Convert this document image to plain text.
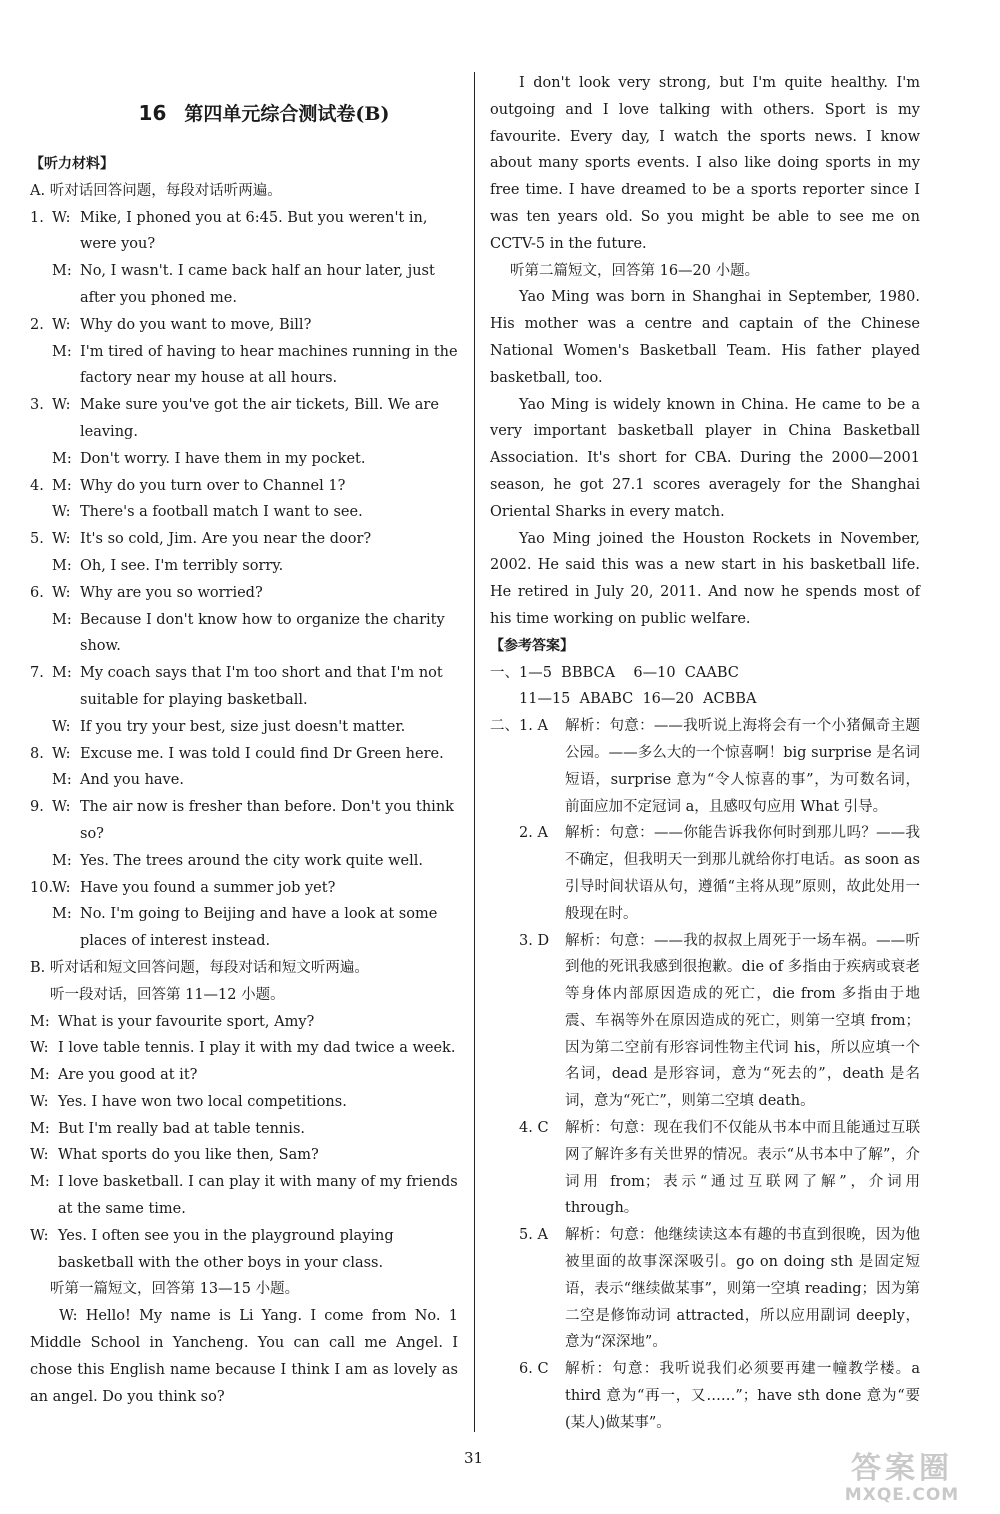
16 第四单元综合测试卷(B)
【听力材料】
A. 听对话回答问题，每段对话听两遍。
1. W: Mike, I phoned you at 6:45. But you weren't in, were you?
M: No, I wasn't. I came back half an hour later, just after you phoned me.
2. W: Why do you want to move, Bill?
M: I'm tired of having to hear machines running in the factory near my house at all hours.
3. W: Make sure you've got the air tickets, Bill. We are leaving.
M: Don't worry. I have them in my pocket.
4. M: Why do you turn over to Channel 1?
W: There's a football match I want to see.
5. W: It's so cold, Jim. Are you near the door?
M: Oh, I see. I'm terribly sorry.
6. W: Why are you so worried?
M: Because I don't know how to organize the charity show.
7. M: My coach says that I'm too short and that I'm not suitable for playing basketball.
W: If you try your best, size just doesn't matter.
8. W: Excuse me. I was told I could find Dr Green here.
M: And you have.
9. W: The air now is fresher than before. Don't you think so?
M: Yes. The trees around the city work quite well.
10.
W: Have you found a summer job yet?
M: No. I'm going to Beijing and have a look at some places of interest instead.
B. 听对话和短文回答问题，每段对话和短文听两遍。
听一段对话，回答第 11—12 小题。
M: What is your favourite sport, Amy?
W: I love table tennis. I play it with my dad twice a week.
M: Are you good at it?
W: Yes. I have won two local competitions.
M: But I'm really bad at table tennis.
W: What sports do you like then, Sam?
M: I love basketball. I can play it with many of my friends at the same time.
W: Yes. I often see you in the playground playing basketball with the other boys in your class.
听第一篇短文，回答第 13—15 小题。
W: Hello! My name is Li Yang. I come from No. 1 Middle School in Yancheng. You can call me Angel. I chose this English name because I think I am as lovely as an angel. Do you think so?
I don't look very strong, but I'm quite healthy. I'm outgoing and I love talking with others. Sport is my favourite. Every day, I watch the sports news. I know about many sports events. I also like doing sports in my free time. I have dreamed to be a sports reporter since I was ten years old. So you might be able to see me on CCTV-5 in the future.
听第二篇短文，回答第 16—20 小题。
Yao Ming was born in Shanghai in September, 1980. His mother was a centre and captain of the Chinese National Women's Basketball Team. His father played basketball, too.
Yao Ming is widely known in China. He came to be a very important basketball player in China Basketball Association. It's short for CBA. During the 2000—2001 season, he got 27.1 scores averagely for the Shanghai Oriental Sharks in every match.
Yao Ming joined the Houston Rockets in November, 2002. He said this was a new start in his basketball life. He retired in July 20, 2011. And now he spends most of his time working on public welfare.
【参考答案】
一、 1—5  BBBCA    6—10  CAABC
11—15  ABABC  16—20  ACBBA
二、 1. A	解析：句意：——我听说上海将会有一个小猪佩奇主题公园。——多么大的一个惊喜啊！big surprise 是名词短语，surprise 意为“令人惊喜的事”，为可数名词，前面应加不定冠词 a，且感叹句应用 What 引导。
2. A	解析：句意：——你能告诉我你何时到那儿吗？——我不确定，但我明天一到那儿就给你打电话。as soon as 引导时间状语从句，遵循“主将从现”原则，故此处用一般现在时。
3. D	解析：句意：——我的叔叔上周死于一场车祸。——听到他的死讯我感到很抱歉。die of 多指由于疾病或衰老等身体内部原因造成的死亡，die from 多指由于地震、车祸等外在原因造成的死亡，则第一空填 from；因为第二空前有形容词性物主代词 his，所以应填一个名词，dead 是形容词，意为“死去的”，death 是名词，意为“死亡”，则第二空填 death。
4. C	解析：句意：现在我们不仅能从书本中而且能通过互联网了解许多有关世界的情况。表示“从书本中了解”，介词用 from；表示“通过互联网了解”，介词用 through。
5. A	解析：句意：他继续读这本有趣的书直到很晚，因为他被里面的故事深深吸引。go on doing sth 是固定短语，表示“继续做某事”，则第一空填 reading；因为第二空是修饰动词 attracted，所以应用副词 deeply，意为“深深地”。
6. C	解析：句意：我听说我们必须要再建一幢教学楼。a third 意为“再一，又……”；have sth done 意为“要(某人)做某事”。
31	答案圈
MXQE.COM
